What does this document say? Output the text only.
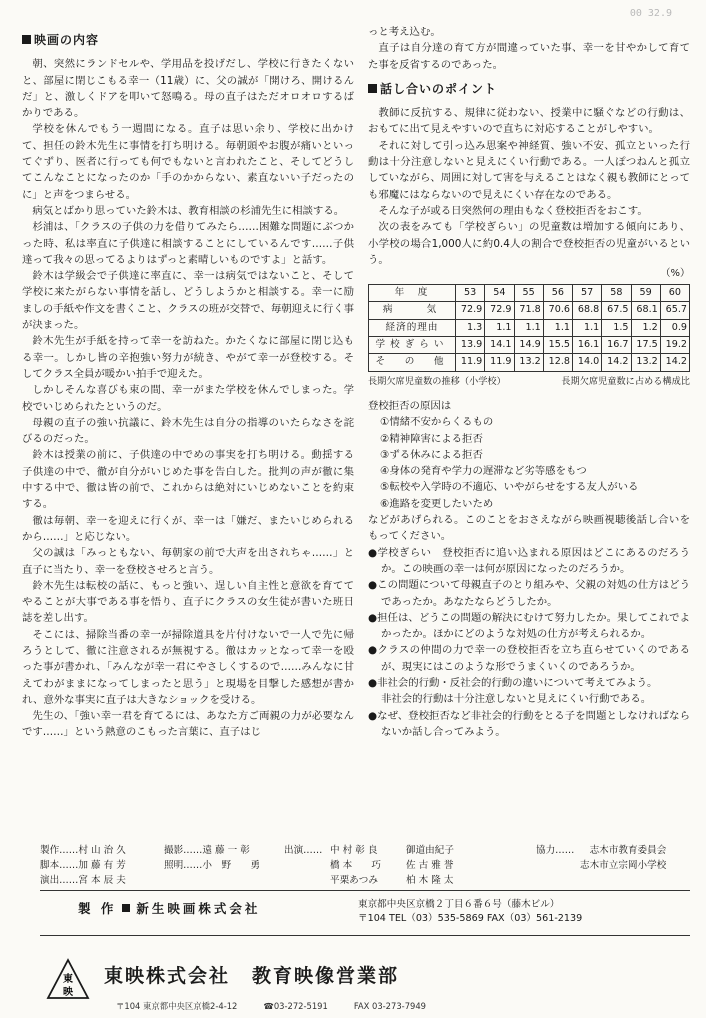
00 32.9
映画の内容

朝、突然にランドセルや、学用品を投げだし、学校に行きたくないと、部屋に閉じこもる幸一（11歳）に、父の誠が「開けろ、開けるんだ」と、激しくドアを叩いて怒鳴る。母の直子はただオロオロするばかりである。

学校を休んでもう一週間になる。直子は思い余り、学校に出かけて、担任の鈴木先生に事情を打ち明ける。毎朝頭やお腹が痛いといってぐずり、医者に行っても何でもないと言われたこと、そしてどうしてこんなことになったのか「手のかからない、素直ないい子だったのに」と声をつまらせる。

病気とばかり思っていた鈴木は、教育相談の杉浦先生に相談する。

杉浦は、「クラスの子供の力を借りてみたら……困難な問題にぶつかった時、私は率直に子供達に相談することにしているんです……子供達って我々の思ってるよりはずっと素晴しいものですよ」と話す。

鈴木は学級会で子供達に率直に、幸一は病気ではないこと、そして学校に来たがらない事情を話し、どうしようかと相談する。幸一に励ましの手紙や作文を書くこと、クラスの班が交替で、毎朝迎えに行く事が決まった。

鈴木先生が手紙を持って幸一を訪ねた。かたくなに部屋に閉じ込もる幸一。しかし皆の辛抱強い努力が続き、やがて幸一が登校する。そしてクラス全員が暖かい拍手で迎えた。

しかしそんな喜びも束の間、幸一がまた学校を休んでしまった。学校でいじめられたというのだ。

母親の直子の強い抗議に、鈴木先生は自分の指導のいたらなさを詫びるのだった。

鈴木は授業の前に、子供達の中でめの事実を打ち明ける。動揺する子供達の中で、徹が自分がいじめた事を告白した。批判の声が徹に集中する中で、徹は皆の前で、これからは絶対にいじめないことを約束する。

徹は毎朝、幸一を迎えに行くが、幸一は「嫌だ、またいじめられるから……」と応じない。

父の誠は「みっともない、毎朝家の前で大声を出されちゃ……」と直子に当たり、幸一を登校させろと言う。

鈴木先生は転校の話に、もっと強い、逞しい自主性と意欲を育ててやることが大事である事を悟り、直子にクラスの女生徒が書いた班日誌を差し出す。

そこには、掃除当番の幸一が掃除道具を片付けないで一人で先に帰ろうとして、徹に注意されるが無視する。徹はカッとなって幸一を殴った事が書かれ、「みんなが幸一君にやさしくするので……みんなに甘えてわがままになってしまったと思う」と現場を目撃した感想が書かれ、意外な事実に直子は大きなショックを受ける。

先生の、「強い幸一君を育てるには、あなた方ご両親の力が必要なんです……」という熱意のこもった言葉に、直子はじ

っと考え込む。

直子は自分達の育て方が間違っていた事、幸一を甘やかして育てた事を反省するのであった。

話し合いのポイント

教師に反抗する、規律に従わない、授業中に騒ぐなどの行動は、おもてに出て見えやすいので直ちに対応することがしやすい。

それに対して引っ込み思案や神経質、強い不安、孤立といった行動は十分注意しないと見えにくい行動である。一人ぽつねんと孤立していながら、周囲に対して害を与えることはなく親も教師にとっても邪魔にはならないので見えにくい存在なのである。

そんな子が或る日突然何の理由もなく登校拒否をおこす。

次の表をみても「学校ぎらい」の児童数は増加する傾向にあり、小学校の場合1,000人に約0.4人の割合で登校拒否の児童がいるという。

（%）
年　度	53	54	55	56	57	58	59	60
病　　気	72.9	72.9	71.8	70.6	68.8	67.5	68.1	65.7
経済的理由	1.3	1.1	1.1	1.1	1.1	1.5	1.2	0.9
学校ぎらい	13.9	14.1	14.9	15.5	16.1	16.7	17.5	19.2
そ　の　他	11.9	11.9	13.2	12.8	14.0	14.2	13.2	14.2
長期欠席児童数の推移（小学校）	長期欠席児童数に占める構成比

登校拒否の原因は

①情緒不安からくるもの
②精神障害による拒否
③ずる休みによる拒否
④身体の発育や学力の遅滞など劣等感をもつ
⑤転校や入学時の不適応、いやがらせをする友人がいる
⑥進路を変更したいため

などがあげられる。このことをおさえながら映画視聴後話し合いをもってください。

●学校ぎらい　登校拒否に追い込まれる原因はどこにあるのだろうか。この映画の幸一は何が原因になったのだろうか。
●この問題について母親直子のとり組みや、父親の対処の仕方はどうであったか。あなたならどうしたか。
●担任は、どうこの問題の解決にむけて努力したか。果してこれでよかったか。ほかにどのような対処の仕方が考えられるか。
●クラスの仲間の力で幸一の登校拒否を立ち直らせていくのであるが、現実にはこのような形でうまくいくのであろうか。
●非社会的行動・反社会的行動の違いについて考えてみよう。
非社会的行動は十分注意しないと見えにくい行動である。
●なぜ、登校拒否など非社会的行動をとる子を問題としなければならないか話し合ってみよう。
製作……村 山 治 久
脚本……加 藤 有 芳
演出……宮 本 辰 夫
撮影……遠 藤 一 彰
照明……小　野　　勇
出演…… 中 村 彰 良
橋 本　　巧
平栗あつみ
御道由紀子
佐 古 雅 誉
柏 木 隆 太
協力……	志木市教育委員会
志木市立宗岡小学校
製 作 新生映画株式会社	東京都中央区京橋２丁目６番６号（藤木ビル）
〒104 TEL（03）535-5869 FAX（03）561-2139
東
映
東映株式会社 教育映像営業部
〒104 東京都中央区京橋2-4-12	☎03-272-5191	FAX 03-273-7949
